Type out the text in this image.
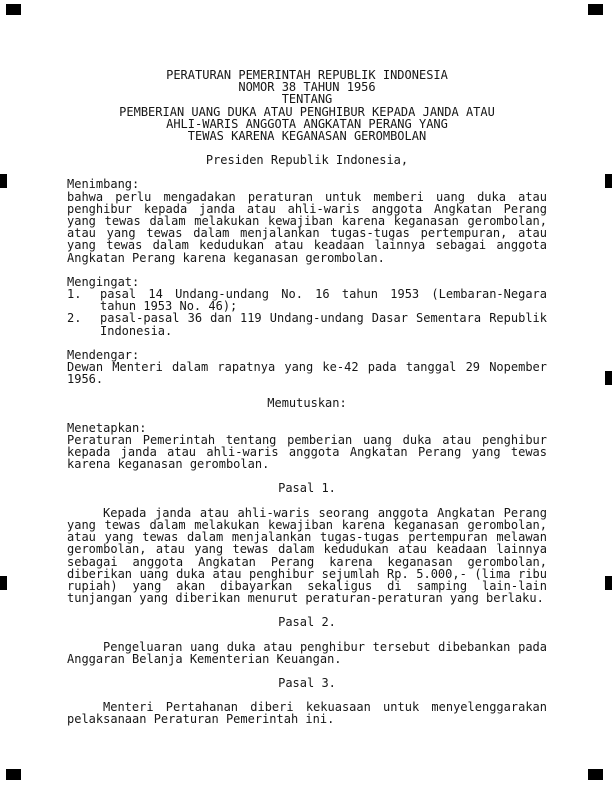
PERATURAN PEMERINTAH REPUBLIK INDONESIA
NOMOR 38 TAHUN 1956
TENTANG
PEMBERIAN UANG DUKA ATAU PENGHIBUR KEPADA JANDA ATAU
AHLI-WARIS ANGGOTA ANGKATAN PERANG YANG
TEWAS KARENA KEGANASAN GEROMBOLAN
Presiden Republik Indonesia,
Menimbang:
bahwa perlu mengadakan peraturan untuk memberi uang duka atau
penghibur kepada janda atau ahli-waris anggota Angkatan Perang
yang tewas dalam melakukan kewajiban karena keganasan gerombolan,
atau yang tewas dalam menjalankan tugas-tugas pertempuran, atau
yang tewas dalam kedudukan atau keadaan lainnya sebagai anggota
Angkatan Perang karena keganasan gerombolan.
Mengingat:
1. pasal 14 Undang-undang No. 16 tahun 1953 (Lembaran-Negara
tahun 1953 No. 46);
2. pasal-pasal 36 dan 119 Undang-undang Dasar Sementara Republik
Indonesia.
Mendengar:
Dewan Menteri dalam rapatnya yang ke-42 pada tanggal 29 Nopember
1956.
Memutuskan:
Menetapkan:
Peraturan Pemerintah tentang pemberian uang duka atau penghibur
kepada janda atau ahli-waris anggota Angkatan Perang yang tewas
karena keganasan gerombolan.
Pasal 1.
Kepada janda atau ahli-waris seorang anggota Angkatan Perang
yang tewas dalam melakukan kewajiban karena keganasan gerombolan,
atau yang tewas dalam menjalankan tugas-tugas pertempuran melawan
gerombolan, atau yang tewas dalam kedudukan atau keadaan lainnya
sebagai anggota Angkatan Perang karena keganasan gerombolan,
diberikan uang duka atau penghibur sejumlah Rp. 5.000,- (lima ribu
rupiah) yang akan dibayarkan sekaligus di samping lain-lain
tunjangan yang diberikan menurut peraturan-peraturan yang berlaku.
Pasal 2.
Pengeluaran uang duka atau penghibur tersebut dibebankan pada
Anggaran Belanja Kementerian Keuangan.
Pasal 3.
Menteri Pertahanan diberi kekuasaan untuk menyelenggarakan
pelaksanaan Peraturan Pemerintah ini.
